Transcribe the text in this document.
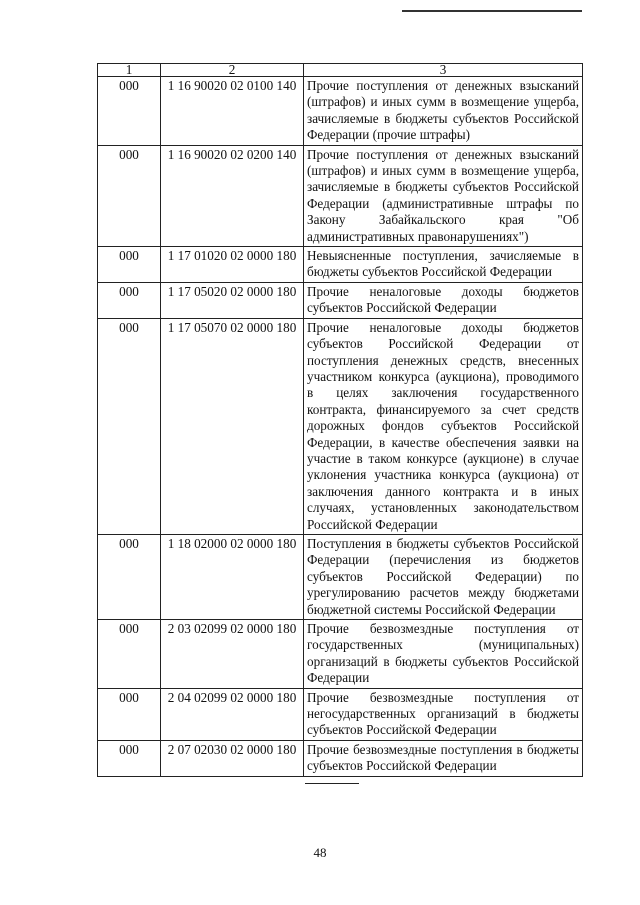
1	2	3
000	1 16 90020 02 0100 140	Прочие поступления от денежных взысканий (штрафов) и иных сумм в возмещение ущерба, зачисляемые в бюджеты субъектов Российской Федерации (прочие штрафы)
000	1 16 90020 02 0200 140	Прочие поступления от денежных взысканий (штрафов) и иных сумм в возмещение ущерба, зачисляемые в бюджеты субъектов Российской Федерации (административные штрафы по Закону Забайкальского края "Об административных правонарушениях")
000	1 17 01020 02 0000 180	Невыясненные поступления, зачисляемые в бюджеты субъектов Российской Федерации
000	1 17 05020 02 0000 180	Прочие неналоговые доходы бюджетов субъектов Российской Федерации
000	1 17 05070 02 0000 180	Прочие неналоговые доходы бюджетов субъектов Российской Федерации от поступления денежных средств, внесенных участником конкурса (аукциона), проводимого в целях заключения государственного контракта, финансируемого за счет средств дорожных фондов субъектов Российской Федерации, в качестве обеспечения заявки на участие в таком конкурсе (аукционе) в случае уклонения участника конкурса (аукциона) от заключения данного контракта и в иных случаях, установленных законодательством Российской Федерации
000	1 18 02000 02 0000 180	Поступления в бюджеты субъектов Российской Федерации (перечисления из бюджетов субъектов Российской Федерации) по урегулированию расчетов между бюджетами бюджетной системы Российской Федерации
000	2 03 02099 02 0000 180	Прочие безвозмездные поступления от государственных (муниципальных) организаций в бюджеты субъектов Российской Федерации
000	2 04 02099 02 0000 180	Прочие безвозмездные поступления от негосударственных организаций в бюджеты субъектов Российской Федерации
000	2 07 02030 02 0000 180	Прочие безвозмездные поступления в бюджеты субъектов Российской Федерации
48
